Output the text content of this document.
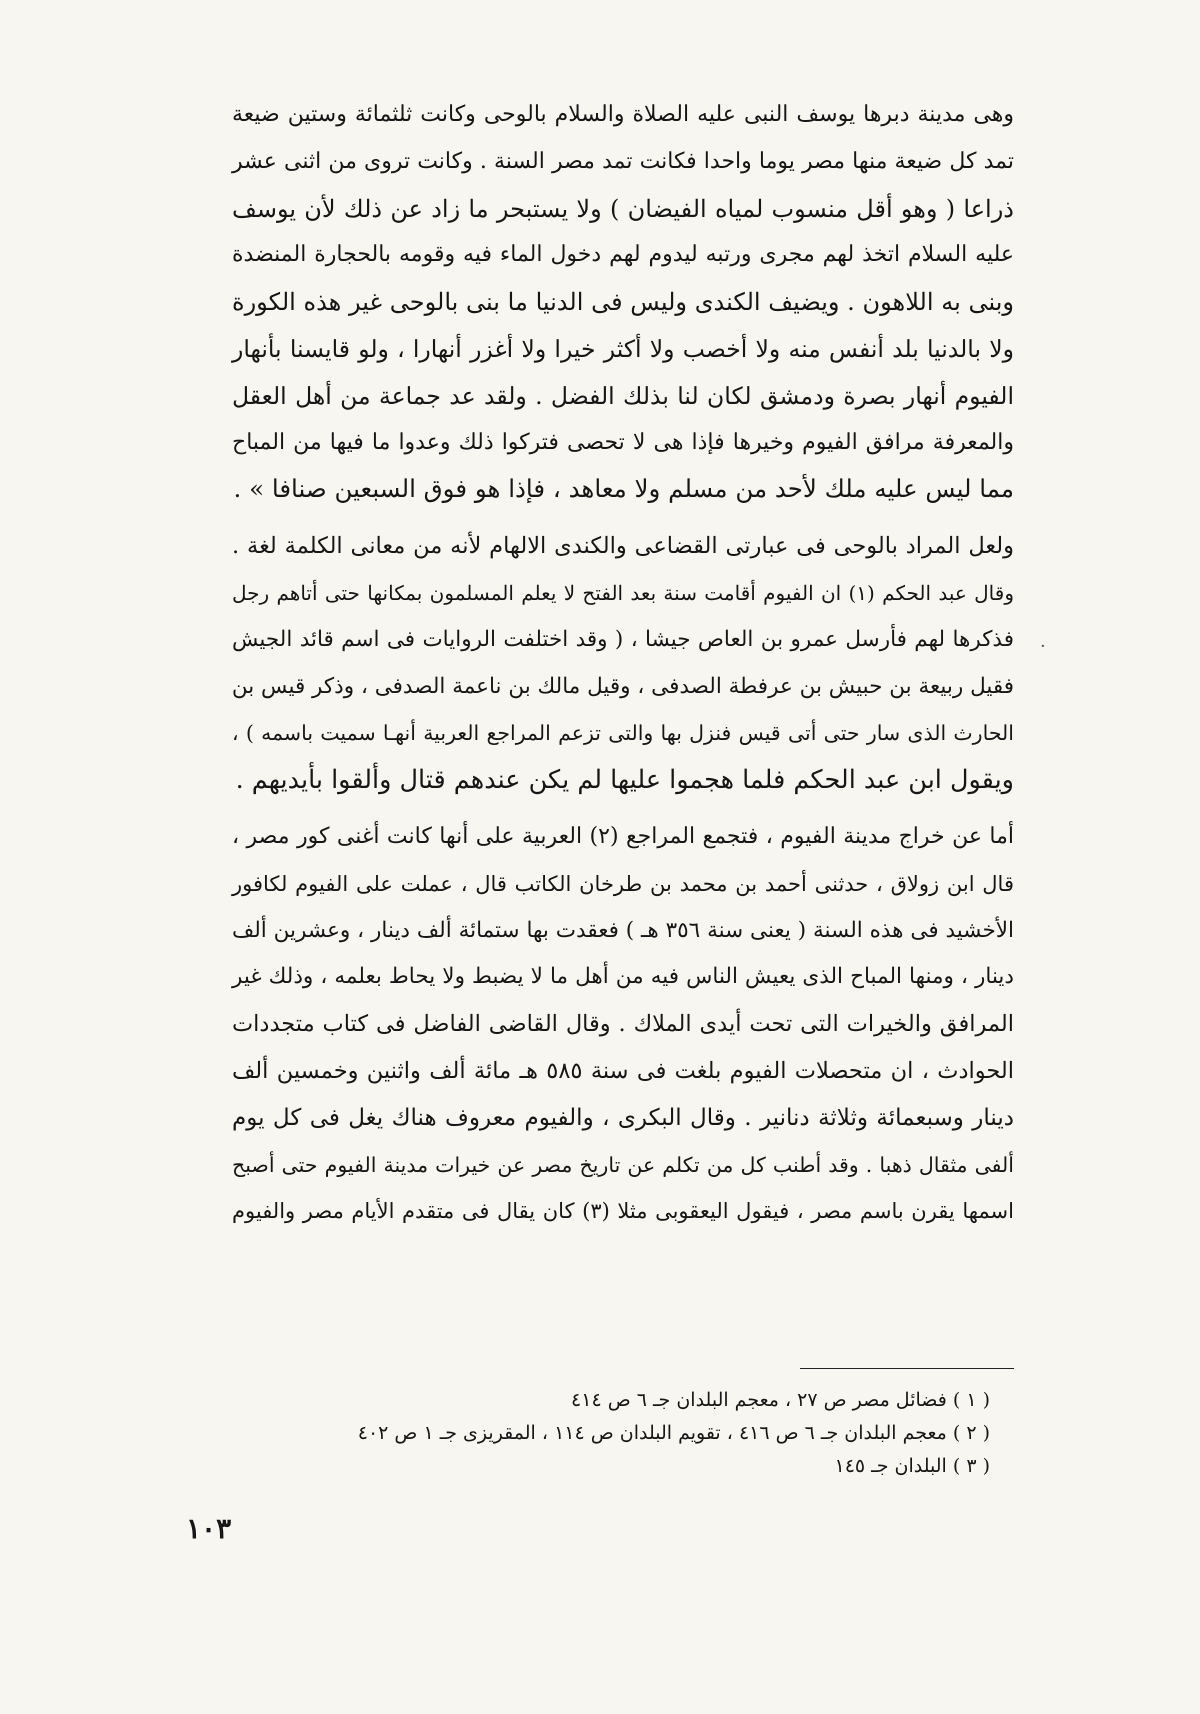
وهى مدينة دبرها يوسف النبى عليه الصلاة والسلام بالوحى وكانت ثلثمائة وستين ضيعة
تمد كل ضيعة منها مصر يوما واحدا فكانت تمد مصر السنة . وكانت تروى من اثنى عشر
ذراعا ( وهو أقل منسوب لمياه الفيضان ) ولا يستبحر ما زاد عن ذلك لأن يوسف
عليه السلام اتخذ لهم مجرى ورتبه ليدوم لهم دخول الماء فيه وقومه بالحجارة المنضدة
وبنى به اللاهون . ويضيف الكندى وليس فى الدنيا ما بنى بالوحى غير هذه الكورة
ولا بالدنيا بلد أنفس منه ولا أخصب ولا أكثر خيرا ولا أغزر أنهارا ، ولو قايسنا بأنهار
الفيوم أنهار بصرة ودمشق لكان لنا بذلك الفضل . ولقد عد جماعة من أهل العقل
والمعرفة مرافق الفيوم وخيرها فإذا هى لا تحصى فتركوا ذلك وعدوا ما فيها من المباح
مما ليس عليه ملك لأحد من مسلم ولا معاهد ، فإذا هو فوق السبعين صنافا » .
ولعل المراد بالوحى فى عبارتى القضاعى والكندى الالهام لأنه من معانى الكلمة لغة .
وقال عبد الحكم (١) ان الفيوم أقامت سنة بعد الفتح لا يعلم المسلمون بمكانها حتى أتاهم رجل
فذكرها لهم فأرسل عمرو بن العاص جيشا ، ( وقد اختلفت الروايات فى اسم قائد الجيش
فقيل ربيعة بن حبيش بن عرفطة الصدفى ، وقيل مالك بن ناعمة الصدفى ، وذكر قيس بن
الحارث الذى سار حتى أتى قيس فنزل بها والتى تزعم المراجع العربية أنهـا سميت باسمه ) ،
ويقول ابن عبد الحكم فلما هجموا عليها لم يكن عندهم قتال وألقوا بأيديهم .
أما عن خراج مدينة الفيوم ، فتجمع المراجع (٢) العربية على أنها كانت أغنى كور مصر ،
قال ابن زولاق ، حدثنى أحمد بن محمد بن طرخان الكاتب قال ، عملت على الفيوم لكافور
الأخشيد فى هذه السنة ( يعنى سنة ٣٥٦ هـ ) فعقدت بها ستمائة ألف دينار ، وعشرين ألف
دينار ، ومنها المباح الذى يعيش الناس فيه من أهل ما لا يضبط ولا يحاط بعلمه ، وذلك غير
المرافق والخيرات التى تحت أيدى الملاك . وقال القاضى الفاضل فى كتاب متجددات
الحوادث ، ان متحصلات الفيوم بلغت فى سنة ٥٨٥ هـ مائة ألف واثنين وخمسين ألف
دينار وسبعمائة وثلاثة دنانير . وقال البكرى ، والفيوم معروف هناك يغل فى كل يوم
ألفى مثقال ذهبا . وقد أطنب كل من تكلم عن تاريخ مصر عن خيرات مدينة الفيوم حتى أصبح
اسمها يقرن باسم مصر ، فيقول اليعقوبى مثلا (٣) كان يقال فى متقدم الأيام مصر والفيوم
·
( ١ ) فضائل مصر ص ٢٧ ، معجم البلدان جـ ٦ ص ٤١٤
( ٢ ) معجم البلدان جـ ٦ ص ٤١٦ ، تقويم البلدان ص ١١٤ ، المقريزى جـ ١ ص ٤٠٢
( ٣ ) البلدان جـ ١٤٥
١٠٣
